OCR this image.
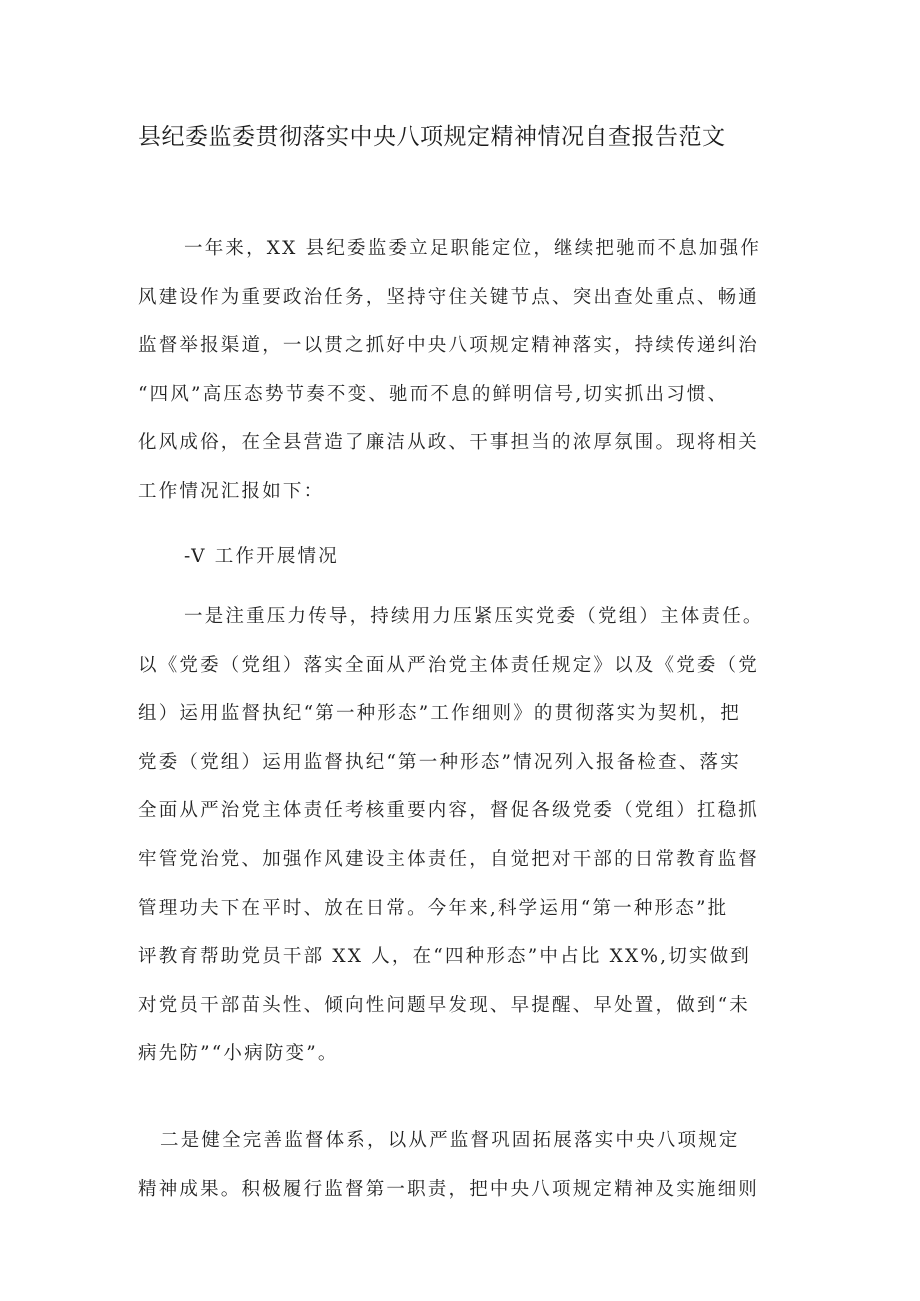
县纪委监委贯彻落实中央八项规定精神情况自查报告范文
一年来，XX 县纪委监委立足职能定位，继续把驰而不息加强作
风建设作为重要政治任务，坚持守住关键节点、突出查处重点、畅通
监督举报渠道，一以贯之抓好中央八项规定精神落实，持续传递纠治
“四风”高压态势节奏不变、驰而不息的鲜明信号,切实抓出习惯、
化风成俗，在全县营造了廉洁从政、干事担当的浓厚氛围。现将相关
工作情况汇报如下：
-V 工作开展情况
一是注重压力传导，持续用力压紧压实党委（党组）主体责任。
以《党委（党组）落实全面从严治党主体责任规定》以及《党委（党
组）运用监督执纪“第一种形态”工作细则》的贯彻落实为契机，把
党委（党组）运用监督执纪“第一种形态”情况列入报备检查、落实
全面从严治党主体责任考核重要内容，督促各级党委（党组）扛稳抓
牢管党治党、加强作风建设主体责任，自觉把对干部的日常教育监督
管理功夫下在平时、放在日常。今年来,科学运用“第一种形态”批
评教育帮助党员干部 XX 人，在“四种形态”中占比 XX%,切实做到
对党员干部苗头性、倾向性问题早发现、早提醒、早处置，做到“未
病先防”“小病防变”。
二是健全完善监督体系，以从严监督巩固拓展落实中央八项规定
精神成果。积极履行监督第一职责，把中央八项规定精神及实施细则
